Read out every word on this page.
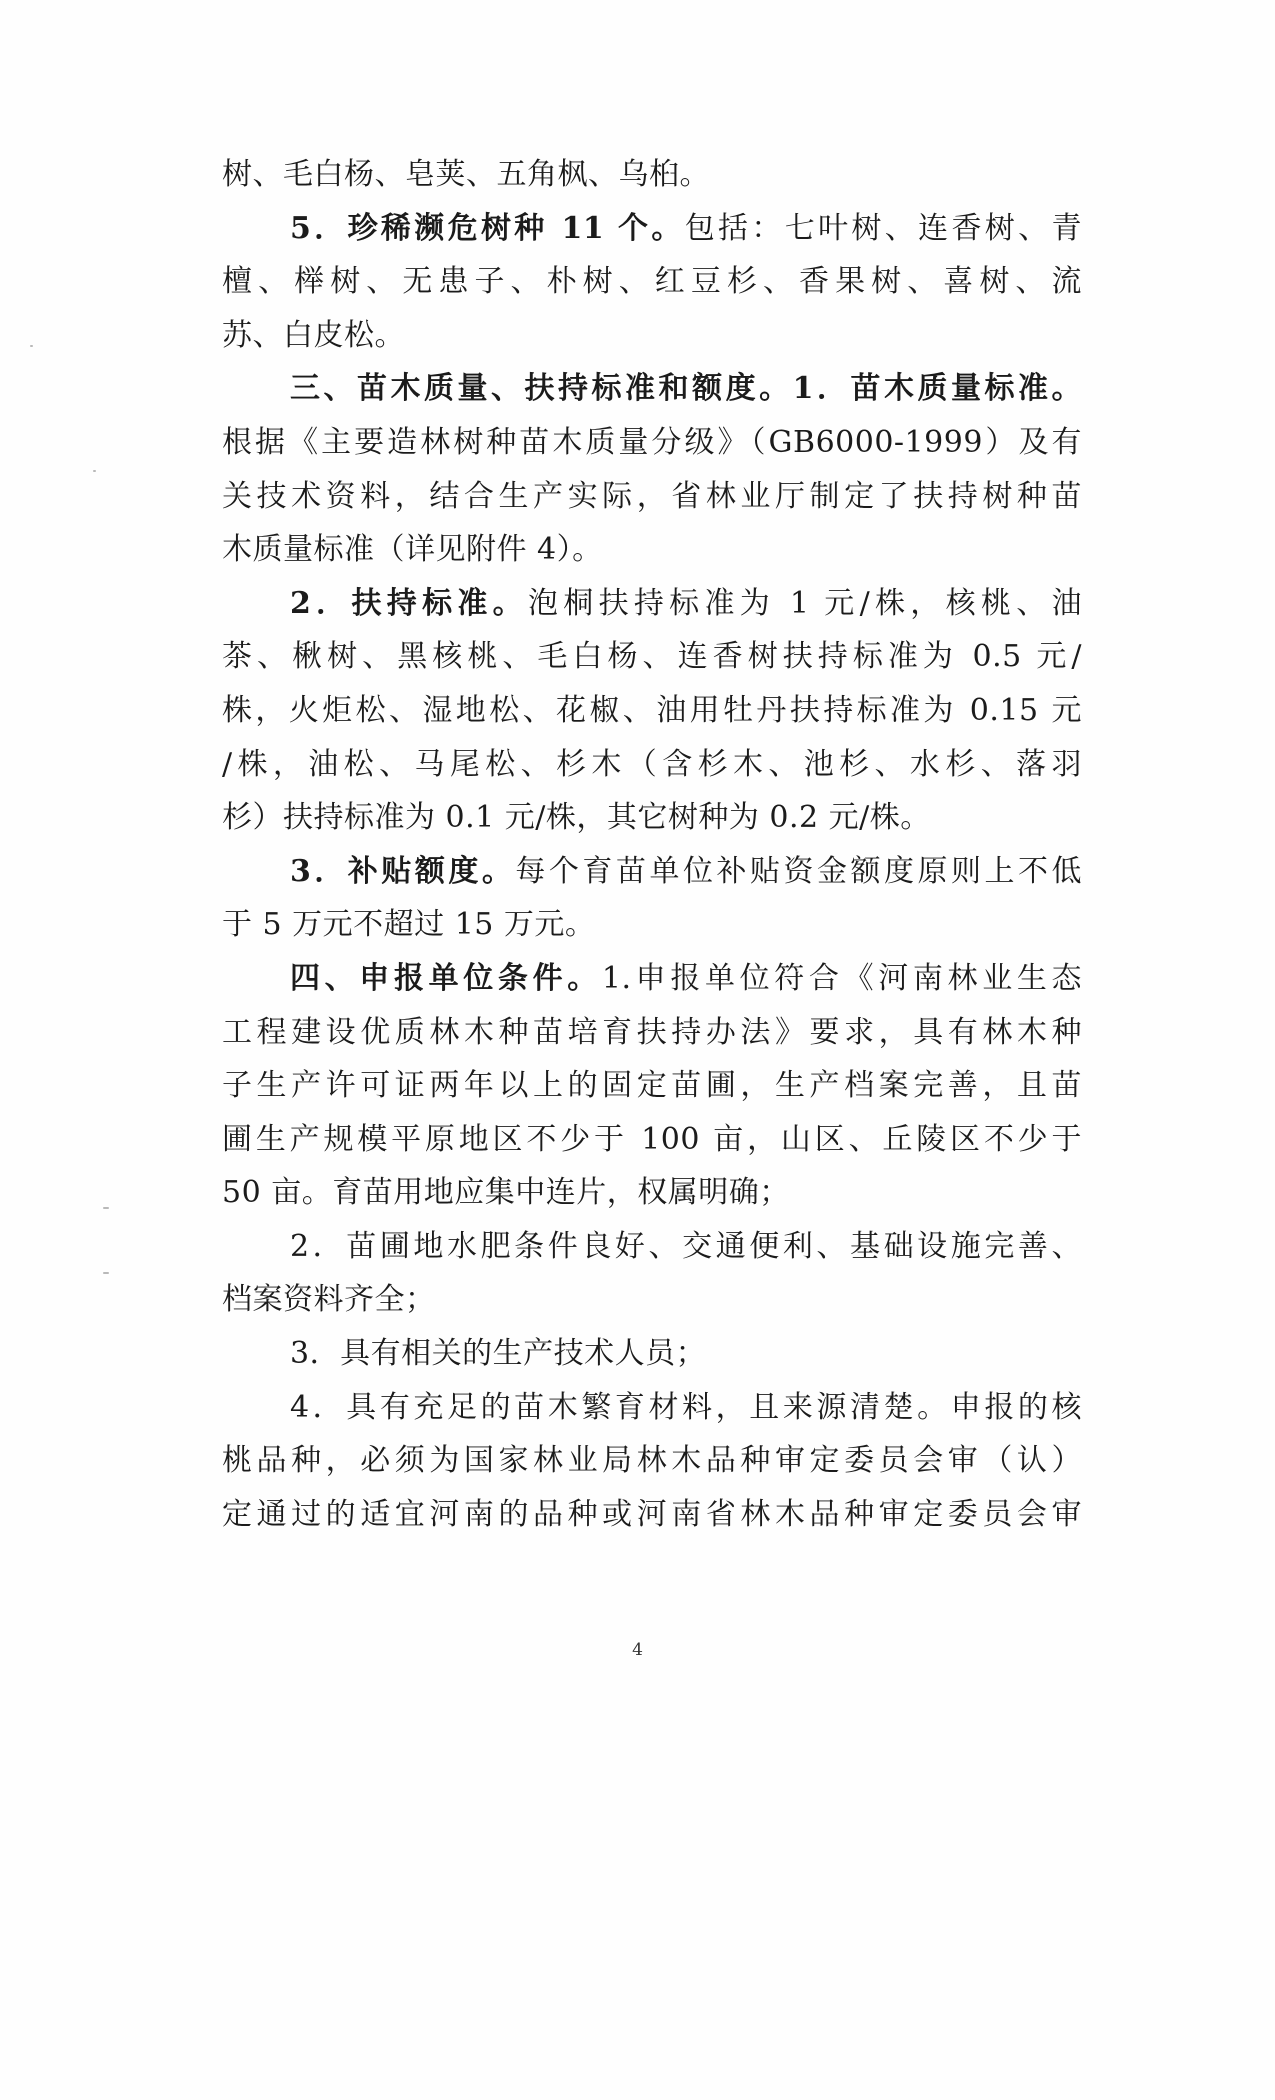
树、毛白杨、皂荚、五角枫、乌桕。
5．珍稀濒危树种 11 个。包括：七叶树、连香树、青
檀、榉树、无患子、朴树、红豆杉、香果树、喜树、流
苏、白皮松。
三、苗木质量、扶持标准和额度。1．苗木质量标准。
根据《主要造林树种苗木质量分级》（GB6000-1999）及有
关技术资料，结合生产实际，省林业厅制定了扶持树种苗
木质量标准（详见附件 4）。
2．扶持标准。泡桐扶持标准为 1 元/株，核桃、油
茶、楸树、黑核桃、毛白杨、连香树扶持标准为 0.5 元/
株，火炬松、湿地松、花椒、油用牡丹扶持标准为 0.15 元
/株，油松、马尾松、杉木（含杉木、池杉、水杉、落羽
杉）扶持标准为 0.1 元/株，其它树种为 0.2 元/株。
3．补贴额度。每个育苗单位补贴资金额度原则上不低
于 5 万元不超过 15 万元。
四、申报单位条件。1.申报单位符合《河南林业生态
工程建设优质林木种苗培育扶持办法》要求，具有林木种
子生产许可证两年以上的固定苗圃，生产档案完善，且苗
圃生产规模平原地区不少于 100 亩，山区、丘陵区不少于
50 亩。育苗用地应集中连片，权属明确；
2．苗圃地水肥条件良好、交通便利、基础设施完善、
档案资料齐全；
3．具有相关的生产技术人员；
4．具有充足的苗木繁育材料，且来源清楚。申报的核
桃品种，必须为国家林业局林木品种审定委员会审（认）
定通过的适宜河南的品种或河南省林木品种审定委员会审
4
